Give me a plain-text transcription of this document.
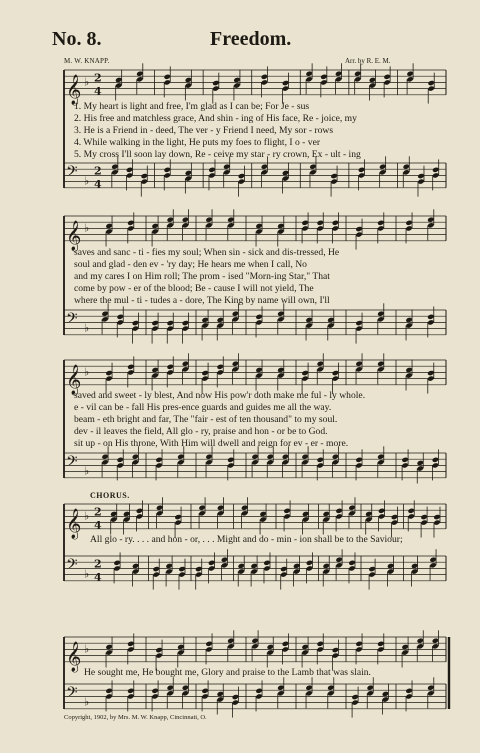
No. 8.	Freedom.
M. W. KNAPP.	Arr. by R. E. M.
𝄞 ♭ 2
4
𝄢 ♭
2
4
𝄞 ♭
𝄢 ♭
𝄞 ♭
𝄢 ♭
𝄞 ♭ 2
4
𝄢 ♭
2
4
𝄞 ♭
𝄢 ♭
1. My heart is light and free, I'm glad as I can be; For Je - sus
2. His free and matchless grace, And shin - ing of His face, Re - joice, my
3. He is a Friend in - deed, The ver - y Friend I need, My sor - rows
4. While walking in the light, He puts my foes to flight, I o - ver
5. My cross I'll soon lay down, Re - ceive my star - ry crown, Ex - ult - ing
saves and sanc - ti - fies my soul; When sin - sick and dis-tressed, He
soul and glad - den ev - 'ry day; He hears me when I call, No
and my cares I on Him roll; The prom - ised "Morn-ing Star," That
come by pow - er of the blood; Be - cause I will not yield, The
where the mul - ti - tudes a - dore, The King by name will own, I'll
saved and sweet - ly blest, And now His pow'r doth make me ful - ly whole.
e - vil can be - fall His pres-ence guards and guides me all the way.
beam - eth bright and far, The "fair - est of ten thousand" to my soul.
dev - il leaves the field, All glo - ry, praise and hon - or be to God.
sit up - on His throne, With Him will dwell and reign for ev - er - more.
CHORUS.
All glo - ry. . . . and hon - or, . . . Might and do - min - ion shall be to the Saviour;
He sought me, He bought me, Glory and praise to the Lamb that was slain.
Copyright, 1902, by Mrs. M. W. Knapp, Cincinnati, O.
